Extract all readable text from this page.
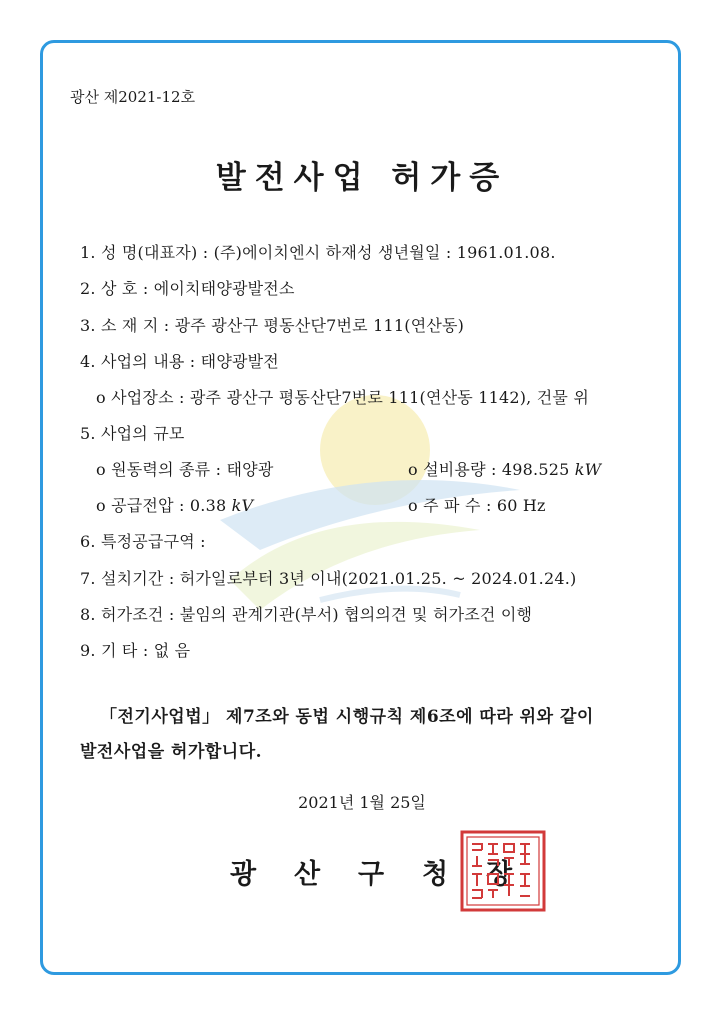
광산 제2021-12호
발전사업 허가증
1. 성 명(대표자) : (주)에이치엔시 하재성 생년월일 : 1961.01.08.
2. 상 호 : 에이치태양광발전소
3. 소 재 지 : 광주 광산구 평동산단7번로 111(연산동)
4. 사업의 내용 : 태양광발전
o 사업장소 : 광주 광산구 평동산단7번로 111(연산동 1142), 건물 위
5. 사업의 규모
o 원동력의 종류 : 태양광	o 설비용량 : 498.525 kW
o 공급전압 : 0.38 kV	o 주 파 수 : 60 Hz
6. 특정공급구역 :
7. 설치기간 : 허가일로부터 3년 이내(2021.01.25. ~ 2024.01.24.)
8. 허가조건 : 불임의 관계기관(부서) 협의의견 및 허가조건 이행
9. 기 타 : 없 음
「전기사업법」 제7조와 동법 시행규칙 제6조에 따라 위와 같이
발전사업을 허가합니다.
2021년 1월 25일
광 산 구 청 장
